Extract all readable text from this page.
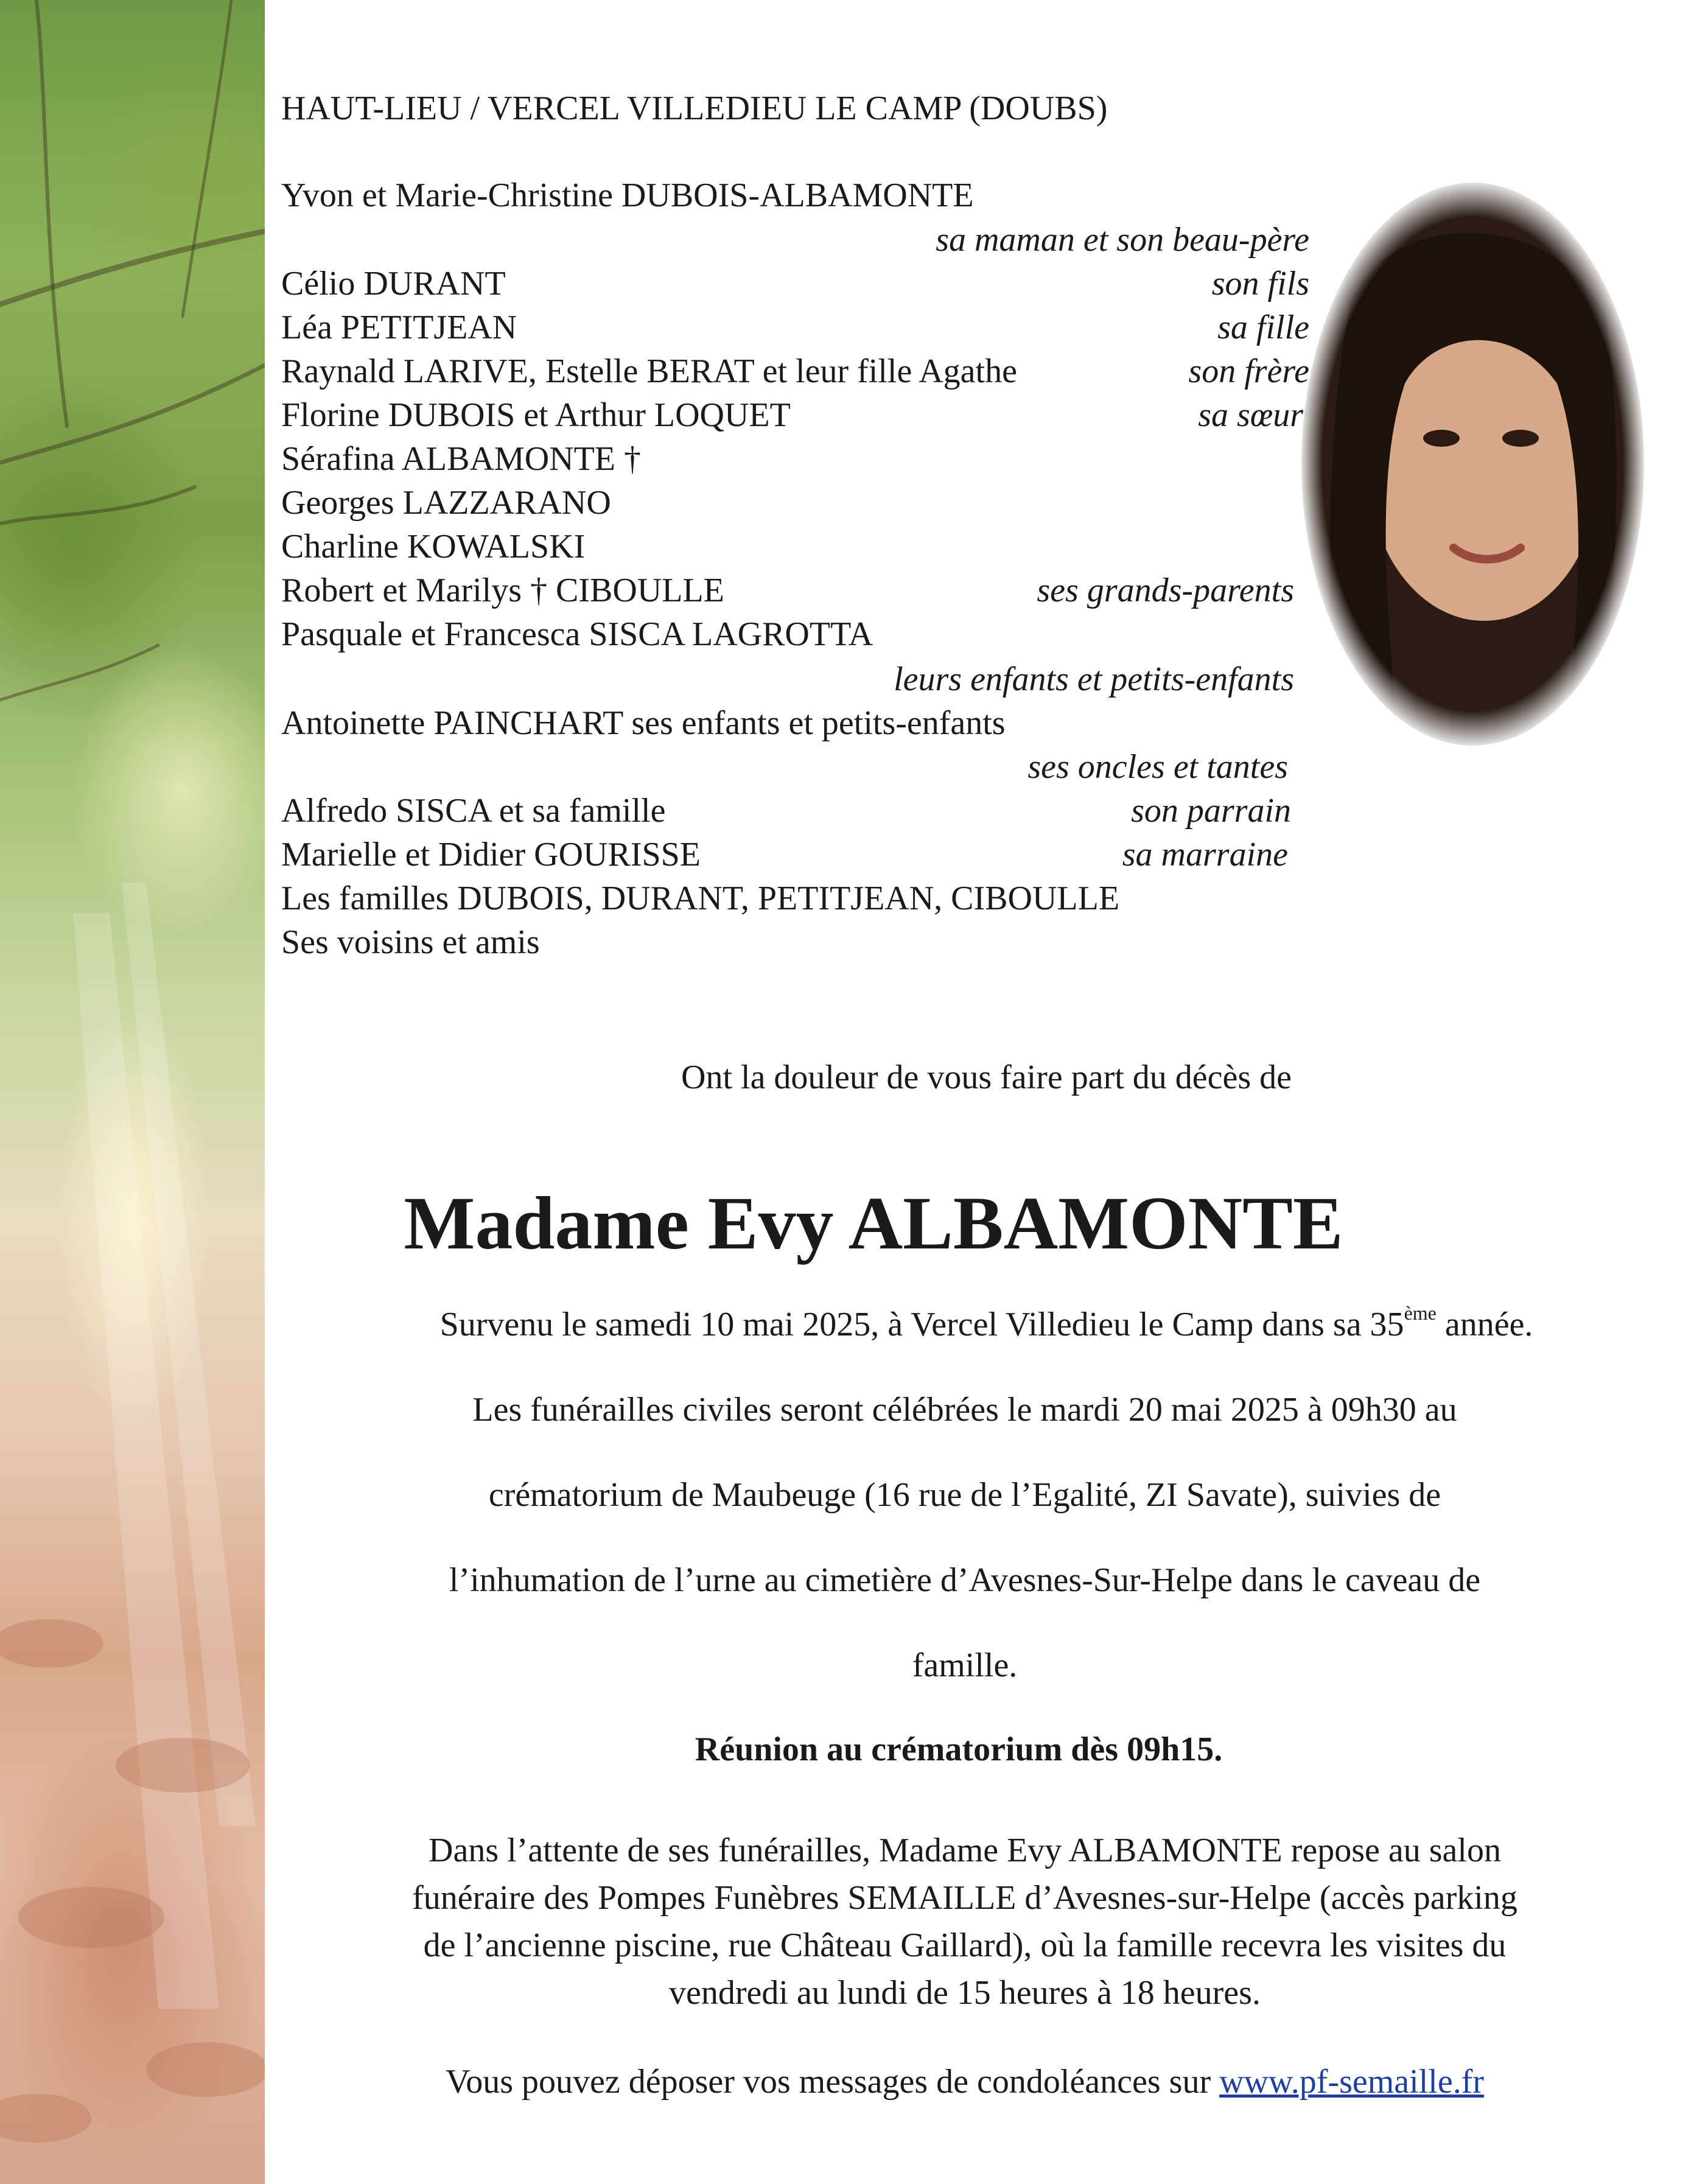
HAUT-LIEU / VERCEL VILLEDIEU LE CAMP (DOUBS)
Yvon et Marie-Christine DUBOIS-ALBAMONTE
sa maman et son beau-père
Célio DURANT	son fils
Léa PETITJEAN	sa fille
Raynald LARIVE, Estelle BERAT et leur fille Agathe	son frère
Florine DUBOIS et Arthur LOQUET	sa sœur
Sérafina ALBAMONTE †
Georges LAZZARANO
Charline KOWALSKI
Robert et Marilys † CIBOULLE	ses grands-parents
Pasquale et Francesca SISCA LAGROTTA
leurs enfants et petits-enfants
Antoinette PAINCHART ses enfants et petits-enfants
ses oncles et tantes
Alfredo SISCA et sa famille	son parrain
Marielle et Didier GOURISSE	sa marraine
Les familles DUBOIS, DURANT, PETITJEAN, CIBOULLE
Ses voisins et amis
Ont la douleur de vous faire part du décès de
Madame Evy ALBAMONTE
Survenu le samedi 10 mai 2025, à Vercel Villedieu le Camp dans sa 35ème année.
Les funérailles civiles seront célébrées le mardi 20 mai 2025 à 09h30 au
crématorium de Maubeuge (16 rue de l’Egalité, ZI Savate), suivies de
l’inhumation de l’urne au cimetière d’Avesnes-Sur-Helpe dans le caveau de
famille.
Réunion au crématorium dès 09h15.
Dans l’attente de ses funérailles, Madame Evy ALBAMONTE repose au salon
funéraire des Pompes Funèbres SEMAILLE d’Avesnes-sur-Helpe (accès parking
de l’ancienne piscine, rue Château Gaillard), où la famille recevra les visites du
vendredi au lundi de 15 heures à 18 heures.
Vous pouvez déposer vos messages de condoléances sur www.pf-semaille.fr
